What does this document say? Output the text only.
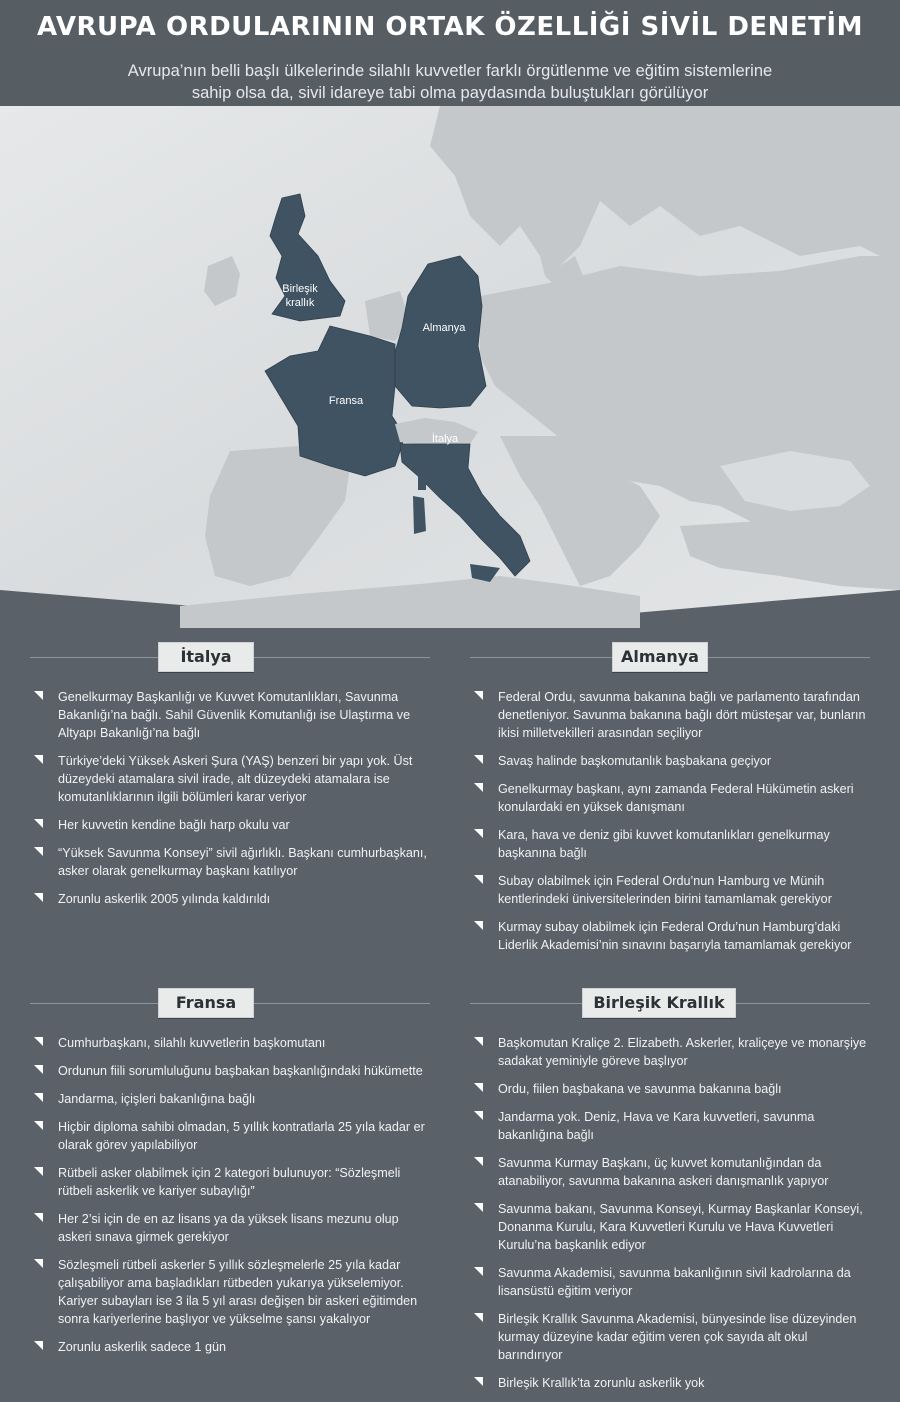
AVRUPA ORDULARININ ORTAK ÖZELLİĞİ SİVİL DENETİM
Avrupa’nın belli başlı ülkelerinde silahlı kuvvetler farklı örgütlenme ve eğitim sistemlerine
sahip olsa da, sivil idareye tabi olma paydasında buluştukları görülüyor
Birleşik
krallık
Almanya
Fransa
İtalya
İtalya
Genelkurmay Başkanlığı ve Kuvvet Komutanlıkları, Savunma Bakanlığı’na bağlı. Sahil Güvenlik Komutanlığı ise Ulaştırma ve Altyapı Bakanlığı’na bağlı
Türkiye’deki Yüksek Askeri Şura (YAŞ) benzeri bir yapı yok. Üst düzeydeki atamalara sivil irade, alt düzeydeki atamalara ise komutanlıklarının ilgili bölümleri karar veriyor
Her kuvvetin kendine bağlı harp okulu var
“Yüksek Savunma Konseyi” sivil ağırlıklı. Başkanı cumhurbaşkanı, asker olarak genelkurmay başkanı katılıyor
Zorunlu askerlik 2005 yılında kaldırıldı
Almanya
Federal Ordu, savunma bakanına bağlı ve parlamento tarafından denetleniyor. Savunma bakanına bağlı dört müsteşar var, bunların ikisi milletvekilleri arasından seçiliyor
Savaş halinde başkomutanlık başbakana geçiyor
Genelkurmay başkanı, aynı zamanda Federal Hükümetin askeri konulardaki en yüksek danışmanı
Kara, hava ve deniz gibi kuvvet komutanlıkları genelkurmay başkanına bağlı
Subay olabilmek için Federal Ordu’nun Hamburg ve Münih kentlerindeki üniversitelerinden birini tamamlamak gerekiyor
Kurmay subay olabilmek için Federal Ordu’nun Hamburg’daki Liderlik Akademisi’nin sınavını başarıyla tamamlamak gerekiyor
Fransa
Cumhurbaşkanı, silahlı kuvvetlerin başkomutanı
Ordunun fiili sorumluluğunu başbakan başkanlığındaki hükümette
Jandarma, içişleri bakanlığına bağlı
Hiçbir diploma sahibi olmadan, 5 yıllık kontratlarla 25 yıla kadar er olarak görev yapılabiliyor
Rütbeli asker olabilmek için 2 kategori bulunuyor: “Sözleşmeli rütbeli askerlik ve kariyer subaylığı”
Her 2’si için de en az lisans ya da yüksek lisans mezunu olup askeri sınava girmek gerekiyor
Sözleşmeli rütbeli askerler 5 yıllık sözleşmelerle 25 yıla kadar çalışabiliyor ama başladıkları rütbeden yukarıya yükselemiyor. Kariyer subayları ise 3 ila 5 yıl arası değişen bir askeri eğitimden sonra kariyerlerine başlıyor ve yükselme şansı yakalıyor
Zorunlu askerlik sadece 1 gün
Birleşik Krallık
Başkomutan Kraliçe 2. Elizabeth. Askerler, kraliçeye ve monarşiye sadakat yeminiyle göreve başlıyor
Ordu, fiilen başbakana ve savunma bakanına bağlı
Jandarma yok. Deniz, Hava ve Kara kuvvetleri, savunma bakanlığına bağlı
Savunma Kurmay Başkanı, üç kuvvet komutanlığından da atanabiliyor, savunma bakanına askeri danışmanlık yapıyor
Savunma bakanı, Savunma Konseyi, Kurmay Başkanlar Konseyi, Donanma Kurulu, Kara Kuvvetleri Kurulu ve Hava Kuvvetleri Kurulu’na başkanlık ediyor
Savunma Akademisi, savunma bakanlığının sivil kadrolarına da lisansüstü eğitim veriyor
Birleşik Krallık Savunma Akademisi, bünyesinde lise düzeyinden kurmay düzeyine kadar eğitim veren çok sayıda alt okul barındırıyor
Birleşik Krallık’ta zorunlu askerlik yok
